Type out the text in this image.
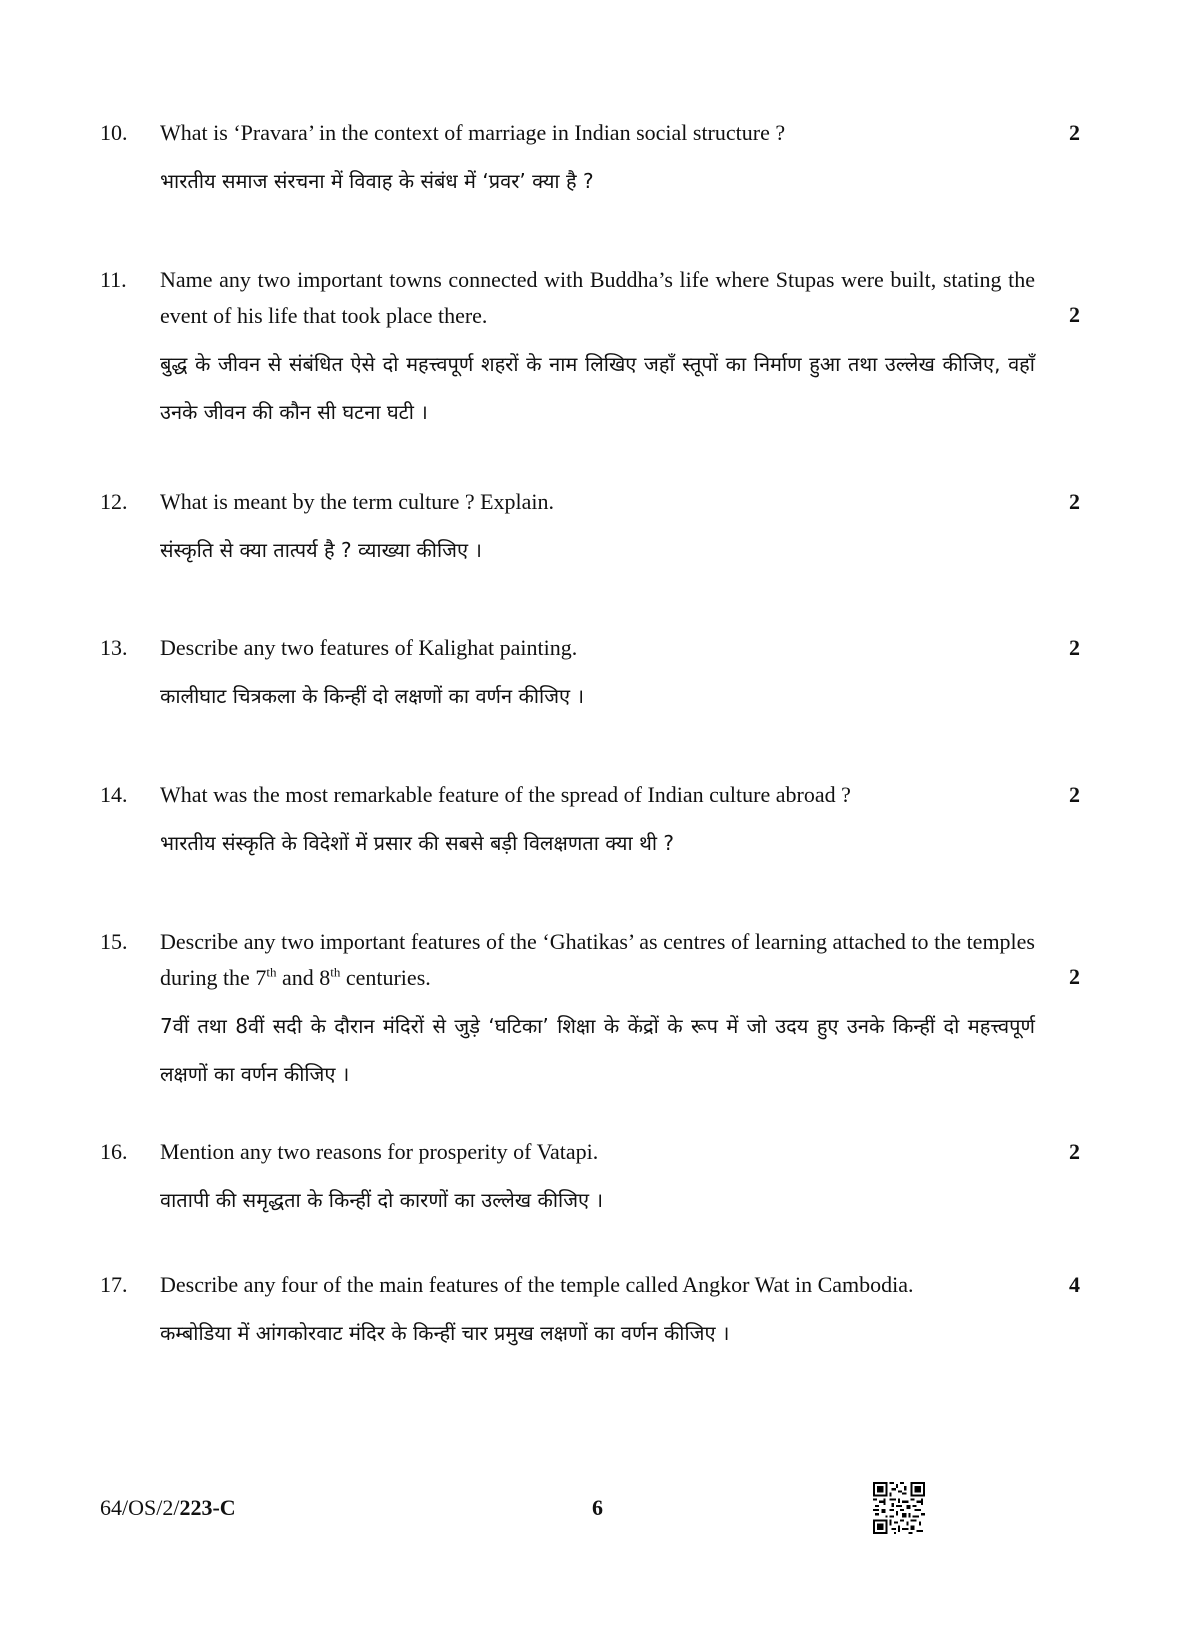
10. What is ‘Pravara’ in the context of marriage in Indian social structure ?	2
भारतीय समाज संरचना में विवाह के संबंध में ‘प्रवर’ क्या है ?
11. Name any two important towns connected with Buddha’s life where Stupas were built, stating the event of his life that took place there.	2
बुद्ध के जीवन से संबंधित ऐसे दो महत्त्वपूर्ण शहरों के नाम लिखिए जहाँ स्तूपों का निर्माण हुआ तथा उल्लेख कीजिए, वहाँ उनके जीवन की कौन सी घटना घटी ।
12. What is meant by the term culture ? Explain.	2
संस्कृति से क्या तात्पर्य है ? व्याख्या कीजिए ।
13. Describe any two features of Kalighat painting.	2
कालीघाट चित्रकला के किन्हीं दो लक्षणों का वर्णन कीजिए ।
14. What was the most remarkable feature of the spread of Indian culture abroad ?	2
भारतीय संस्कृति के विदेशों में प्रसार की सबसे बड़ी विलक्षणता क्या थी ?
15. Describe any two important features of the ‘Ghatikas’ as centres of learning attached to the temples during the 7th and 8th centuries.	2
7वीं तथा 8वीं सदी के दौरान मंदिरों से जुड़े ‘घटिका’ शिक्षा के केंद्रों के रूप में जो उदय हुए उनके किन्हीं दो महत्त्वपूर्ण लक्षणों का वर्णन कीजिए ।
16. Mention any two reasons for prosperity of Vatapi.	2
वातापी की समृद्धता के किन्हीं दो कारणों का उल्लेख कीजिए ।
17. Describe any four of the main features of the temple called Angkor Wat in Cambodia.	4
कम्बोडिया में आंगकोरवाट मंदिर के किन्हीं चार प्रमुख लक्षणों का वर्णन कीजिए ।
64/OS/2/223-C	6
